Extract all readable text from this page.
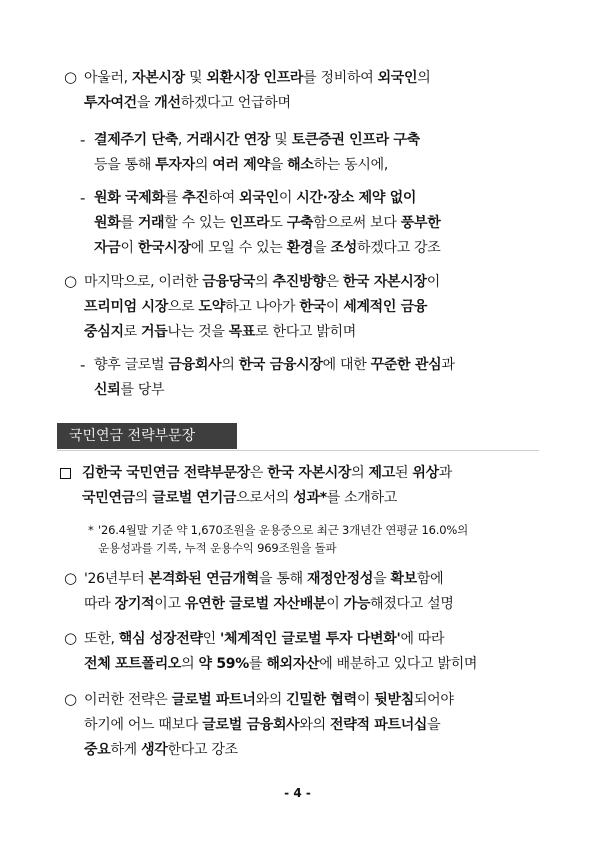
○ 아울러, 자본시장 및 외환시장 인프라를 정비하여 외국인의
투자여건을 개선하겠다고 언급하며
- 결제주기 단축, 거래시간 연장 및 토큰증권 인프라 구축
등을 통해 투자자의 여러 제약을 해소하는 동시에,
- 원화 국제화를 추진하여 외국인이 시간·장소 제약 없이
원화를 거래할 수 있는 인프라도 구축함으로써 보다 풍부한
자금이 한국시장에 모일 수 있는 환경을 조성하겠다고 강조
○ 마지막으로, 이러한 금융당국의 추진방향은 한국 자본시장이
프리미엄 시장으로 도약하고 나아가 한국이 세계적인 금융
중심지로 거듭나는 것을 목표로 한다고 밝히며
- 향후 글로벌 금융회사의 한국 금융시장에 대한 꾸준한 관심과
신뢰를 당부
국민연금 전략부문장
김한국 국민연금 전략부문장은 한국 자본시장의 제고된 위상과
국민연금의 글로벌 연기금으로서의 성과*를 소개하고
* '26.4월말 기준 약 1,670조원을 운용중으로 최근 3개년간 연평균 16.0%의
운용성과를 기록, 누적 운용수익 969조원을 돌파
○ '26년부터 본격화된 연금개혁을 통해 재정안정성을 확보함에
따라 장기적이고 유연한 글로벌 자산배분이 가능해졌다고 설명
○ 또한, 핵심 성장전략인 '체계적인 글로벌 투자 다변화'에 따라
전체 포트폴리오의 약 59%를 해외자산에 배분하고 있다고 밝히며
○ 이러한 전략은 글로벌 파트너와의 긴밀한 협력이 뒷받침되어야
하기에 어느 때보다 글로벌 금융회사와의 전략적 파트너십을
중요하게 생각한다고 강조
- 4 -
